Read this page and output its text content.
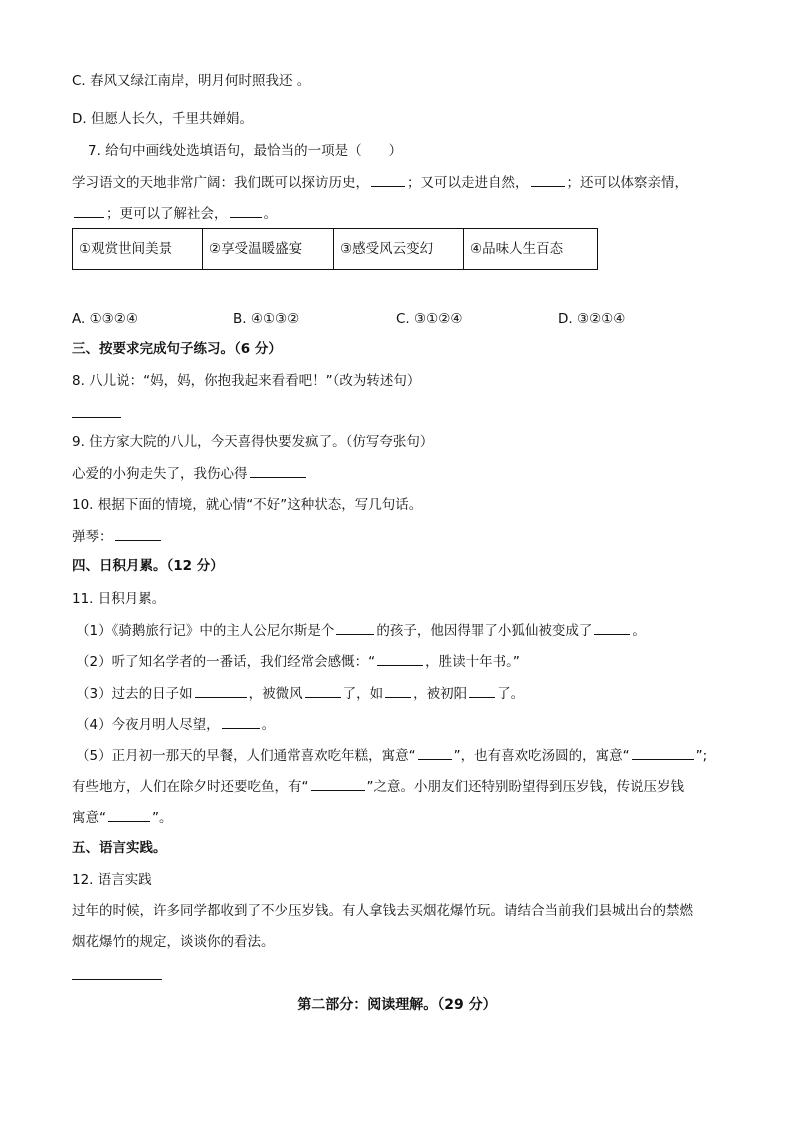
C. 春风又绿江南岸，明月何时照我还 。
D. 但愿人长久，千里共婵娟。
7. 给句中画线处选填语句，最恰当的一项是（　　）
学习语文的天地非常广阔：我们既可以探访历史，	；又可以走进自然，	；还可以体察亲情，
；更可以了解社会，	。
①观赏世间美景	②享受温暖盛宴	③感受风云变幻	④品味人生百态
A. ①③②④	B. ④①③②	C. ③①②④	D. ③②①④
三、按要求完成句子练习。（6 分）
8. 八儿说：“妈，妈，你抱我起来看看吧！”（改为转述句）
9. 住方家大院的八儿，今天喜得快要发疯了。（仿写夸张句）
心爱的小狗走失了，我伤心得
10. 根据下面的情境，就心情“不好”这种状态，写几句话。
弹琴：
四、日积月累。（12 分）
11. 日积月累。
（1）《骑鹅旅行记》中的主人公尼尔斯是个	的孩子，他因得罪了小狐仙被变成了	。
（2）听了知名学者的一番话，我们经常会感慨：“	，胜读十年书。”
（3）过去的日子如	，被微风	了，如 ，被初阳 了。
（4）今夜月明人尽望，	。
（5）正月初一那天的早餐，人们通常喜欢吃年糕，寓意“	”，也有喜欢吃汤圆的，寓意“	”;
有些地方，人们在除夕时还要吃鱼，有“	”之意。小朋友们还特别盼望得到压岁钱，传说压岁钱
寓意“	”。
五、语言实践。
12. 语言实践
过年的时候，许多同学都收到了不少压岁钱。有人拿钱去买烟花爆竹玩。请结合当前我们县城出台的禁燃
烟花爆竹的规定，谈谈你的看法。
第二部分：阅读理解。（29 分）
